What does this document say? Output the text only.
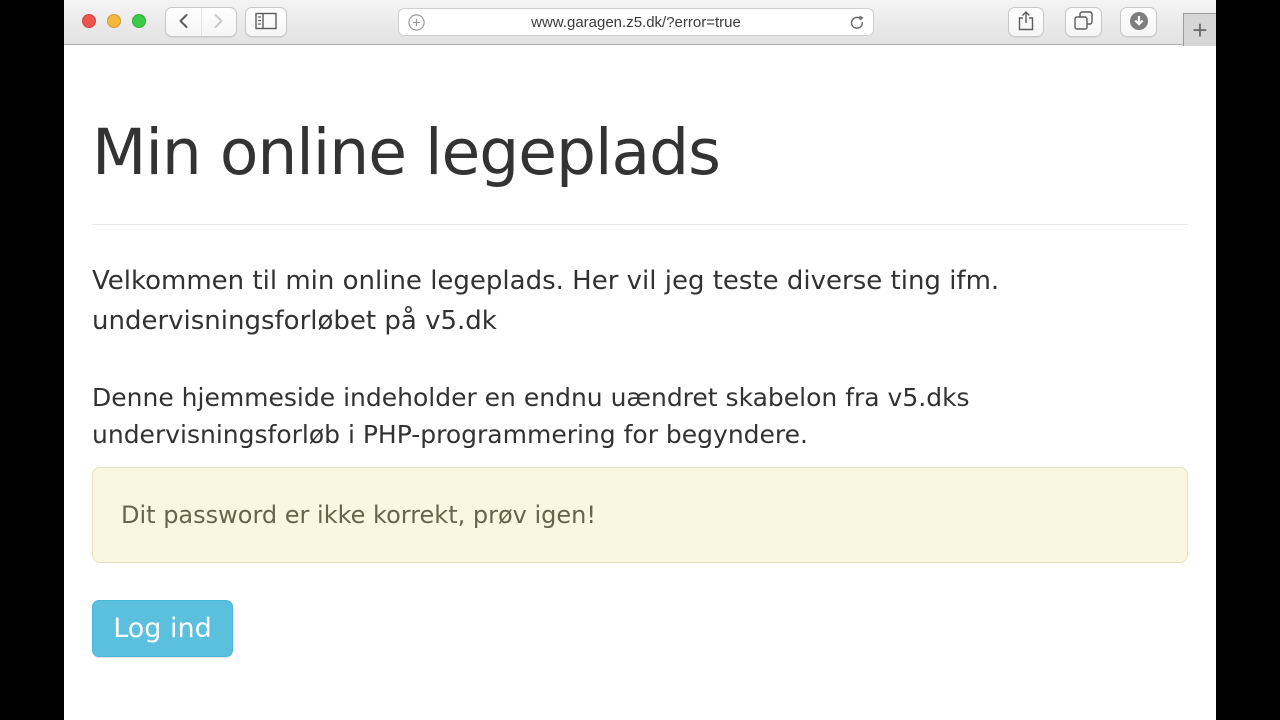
www.garagen.z5.dk/?error=true	+
Min online legeplads

Velkommen til min online legeplads. Her vil jeg teste diverse ting ifm.
undervisningsforløbet på v5.dk

Denne hjemmeside indeholder en endnu uændret skabelon fra v5.dks
undervisningsforløb i PHP-programmering for begyndere.

Dit password er ikke korrekt, prøv igen!
Log ind
